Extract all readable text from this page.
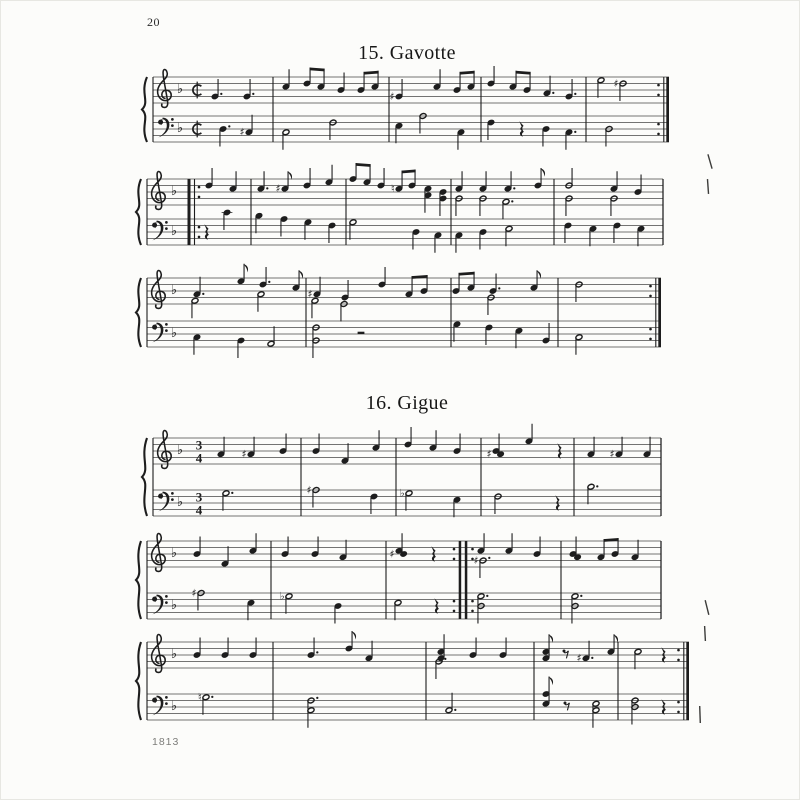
20
15. Gavotte
16. Gigue
♭
♭
♯
♯
♯
♭
♭
♯	♮
♭
♭
♯
♭
♭
3
4
3
4
♯	♯	♯
♯	♭
♭
♭
♯
♯
♯	♭
♭
♭
♯
♮
1813
